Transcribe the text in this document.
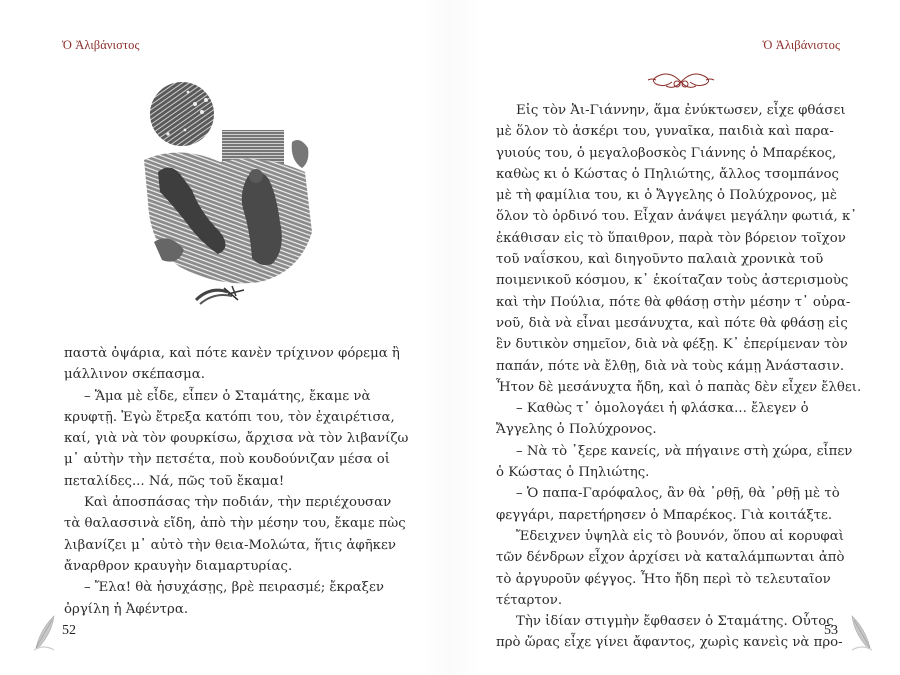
Ὁ Ἀλιβάνιστος
παστὰ ὀψάρια, καὶ πότε κανὲν τρίχινον φόρεμα ἢ
μάλλινον σκέπασμα.
– Ἅμα μὲ εἶδε, εἶπεν ὁ Σταμάτης, ἔκαμε νὰ
κρυφτῇ. Ἐγὼ ἔτρεξα κατόπι του, τὸν ἐχαιρέτισα,
καί, γιὰ νὰ τὸν φουρκίσω, ἄρχισα νὰ τὸν λιβανίζω
μ᾽ αὐτὴν τὴν πετσέτα, ποὺ κουδούνιζαν μέσα οἱ
πεταλίδες... Νά, πῶς τοῦ ἔκαμα!
Καὶ ἀποσπάσας τὴν ποδιάν, τὴν περιέχουσαν
τὰ θαλασσινὰ εἴδη, ἀπὸ τὴν μέσην του, ἔκαμε πὼς
λιβανίζει μ᾽ αὐτὸ τὴν θεια-Μολώτα, ἥτις ἀφῆκεν
ἄναρθρον κραυγὴν διαμαρτυρίας.
– Ἔλα! θὰ ἡσυχάσῃς, βρὲ πειρασμέ; ἔκραξεν
ὀργίλη ἡ Ἀφέντρα.
52
Ὁ Ἀλιβάνιστος
Εἰς τὸν Ἀι-Γιάννην, ἅμα ἐνύκτωσεν, εἶχε φθάσει
μὲ ὅλον τὸ ἀσκέρι του, γυναῖκα, παιδιὰ καὶ παρα-
γυιούς του, ὁ μεγαλοβοσκὸς Γιάννης ὁ Μπαρέκος,
καθὼς κι ὁ Κώστας ὁ Πηλιώτης, ἄλλος τσομπάνος
μὲ τὴ φαμίλια του, κι ὁ Ἄγγελης ὁ Πολύχρονος, μὲ
ὅλον τὸ ὀρδινό του. Εἶχαν ἀνάψει μεγάλην φωτιά, κ᾽
ἐκάθισαν εἰς τὸ ὕπαιθρον, παρὰ τὸν βόρειον τοῖχον
τοῦ ναΐσκου, καὶ διηγοῦντο παλαιὰ χρονικὰ τοῦ
ποιμενικοῦ κόσμου, κ᾽ ἐκοίταζαν τοὺς ἀστερισμοὺς
καὶ τὴν Πούλια, πότε θὰ φθάσῃ στὴν μέσην τ᾽ οὐρα-
νοῦ, διὰ νὰ εἶναι μεσάνυχτα, καὶ πότε θὰ φθάσῃ εἰς
ἓν δυτικὸν σημεῖον, διὰ νὰ φέξῃ. Κ᾽ ἐπερίμεναν τὸν
παπάν, πότε νὰ ἔλθῃ, διὰ νὰ τοὺς κάμῃ Ἀνάστασιν.
Ἦτον δὲ μεσάνυχτα ἤδη, καὶ ὁ παπὰς δὲν εἶχεν ἔλθει.
– Καθὼς τ᾽ ὁμολογάει ἡ φλάσκα... ἔλεγεν ὁ
Ἄγγελης ὁ Πολύχρονος.
– Νὰ τὸ ᾽ξερε κανείς, νὰ πήγαινε στὴ χώρα, εἶπεν
ὁ Κώστας ὁ Πηλιώτης.
– Ὁ παπα-Γαρόφαλος, ἂν θὰ ᾽ρθῇ, θὰ ᾽ρθῇ μὲ τὸ
φεγγάρι, παρετήρησεν ὁ Μπαρέκος. Γιὰ κοιτάξτε.
Ἔδειχνεν ὑψηλὰ εἰς τὸ βουνόν, ὅπου αἱ κορυφαὶ
τῶν δένδρων εἶχον ἀρχίσει νὰ καταλάμπωνται ἀπὸ
τὸ ἀργυροῦν φέγγος. Ἦτο ἤδη περὶ τὸ τελευταῖον
τέταρτον.
Τὴν ἰδίαν στιγμὴν ἔφθασεν ὁ Σταμάτης. Οὗτος
πρὸ ὥρας εἶχε γίνει ἄφαντος, χωρὶς κανεὶς νὰ προ-
53
